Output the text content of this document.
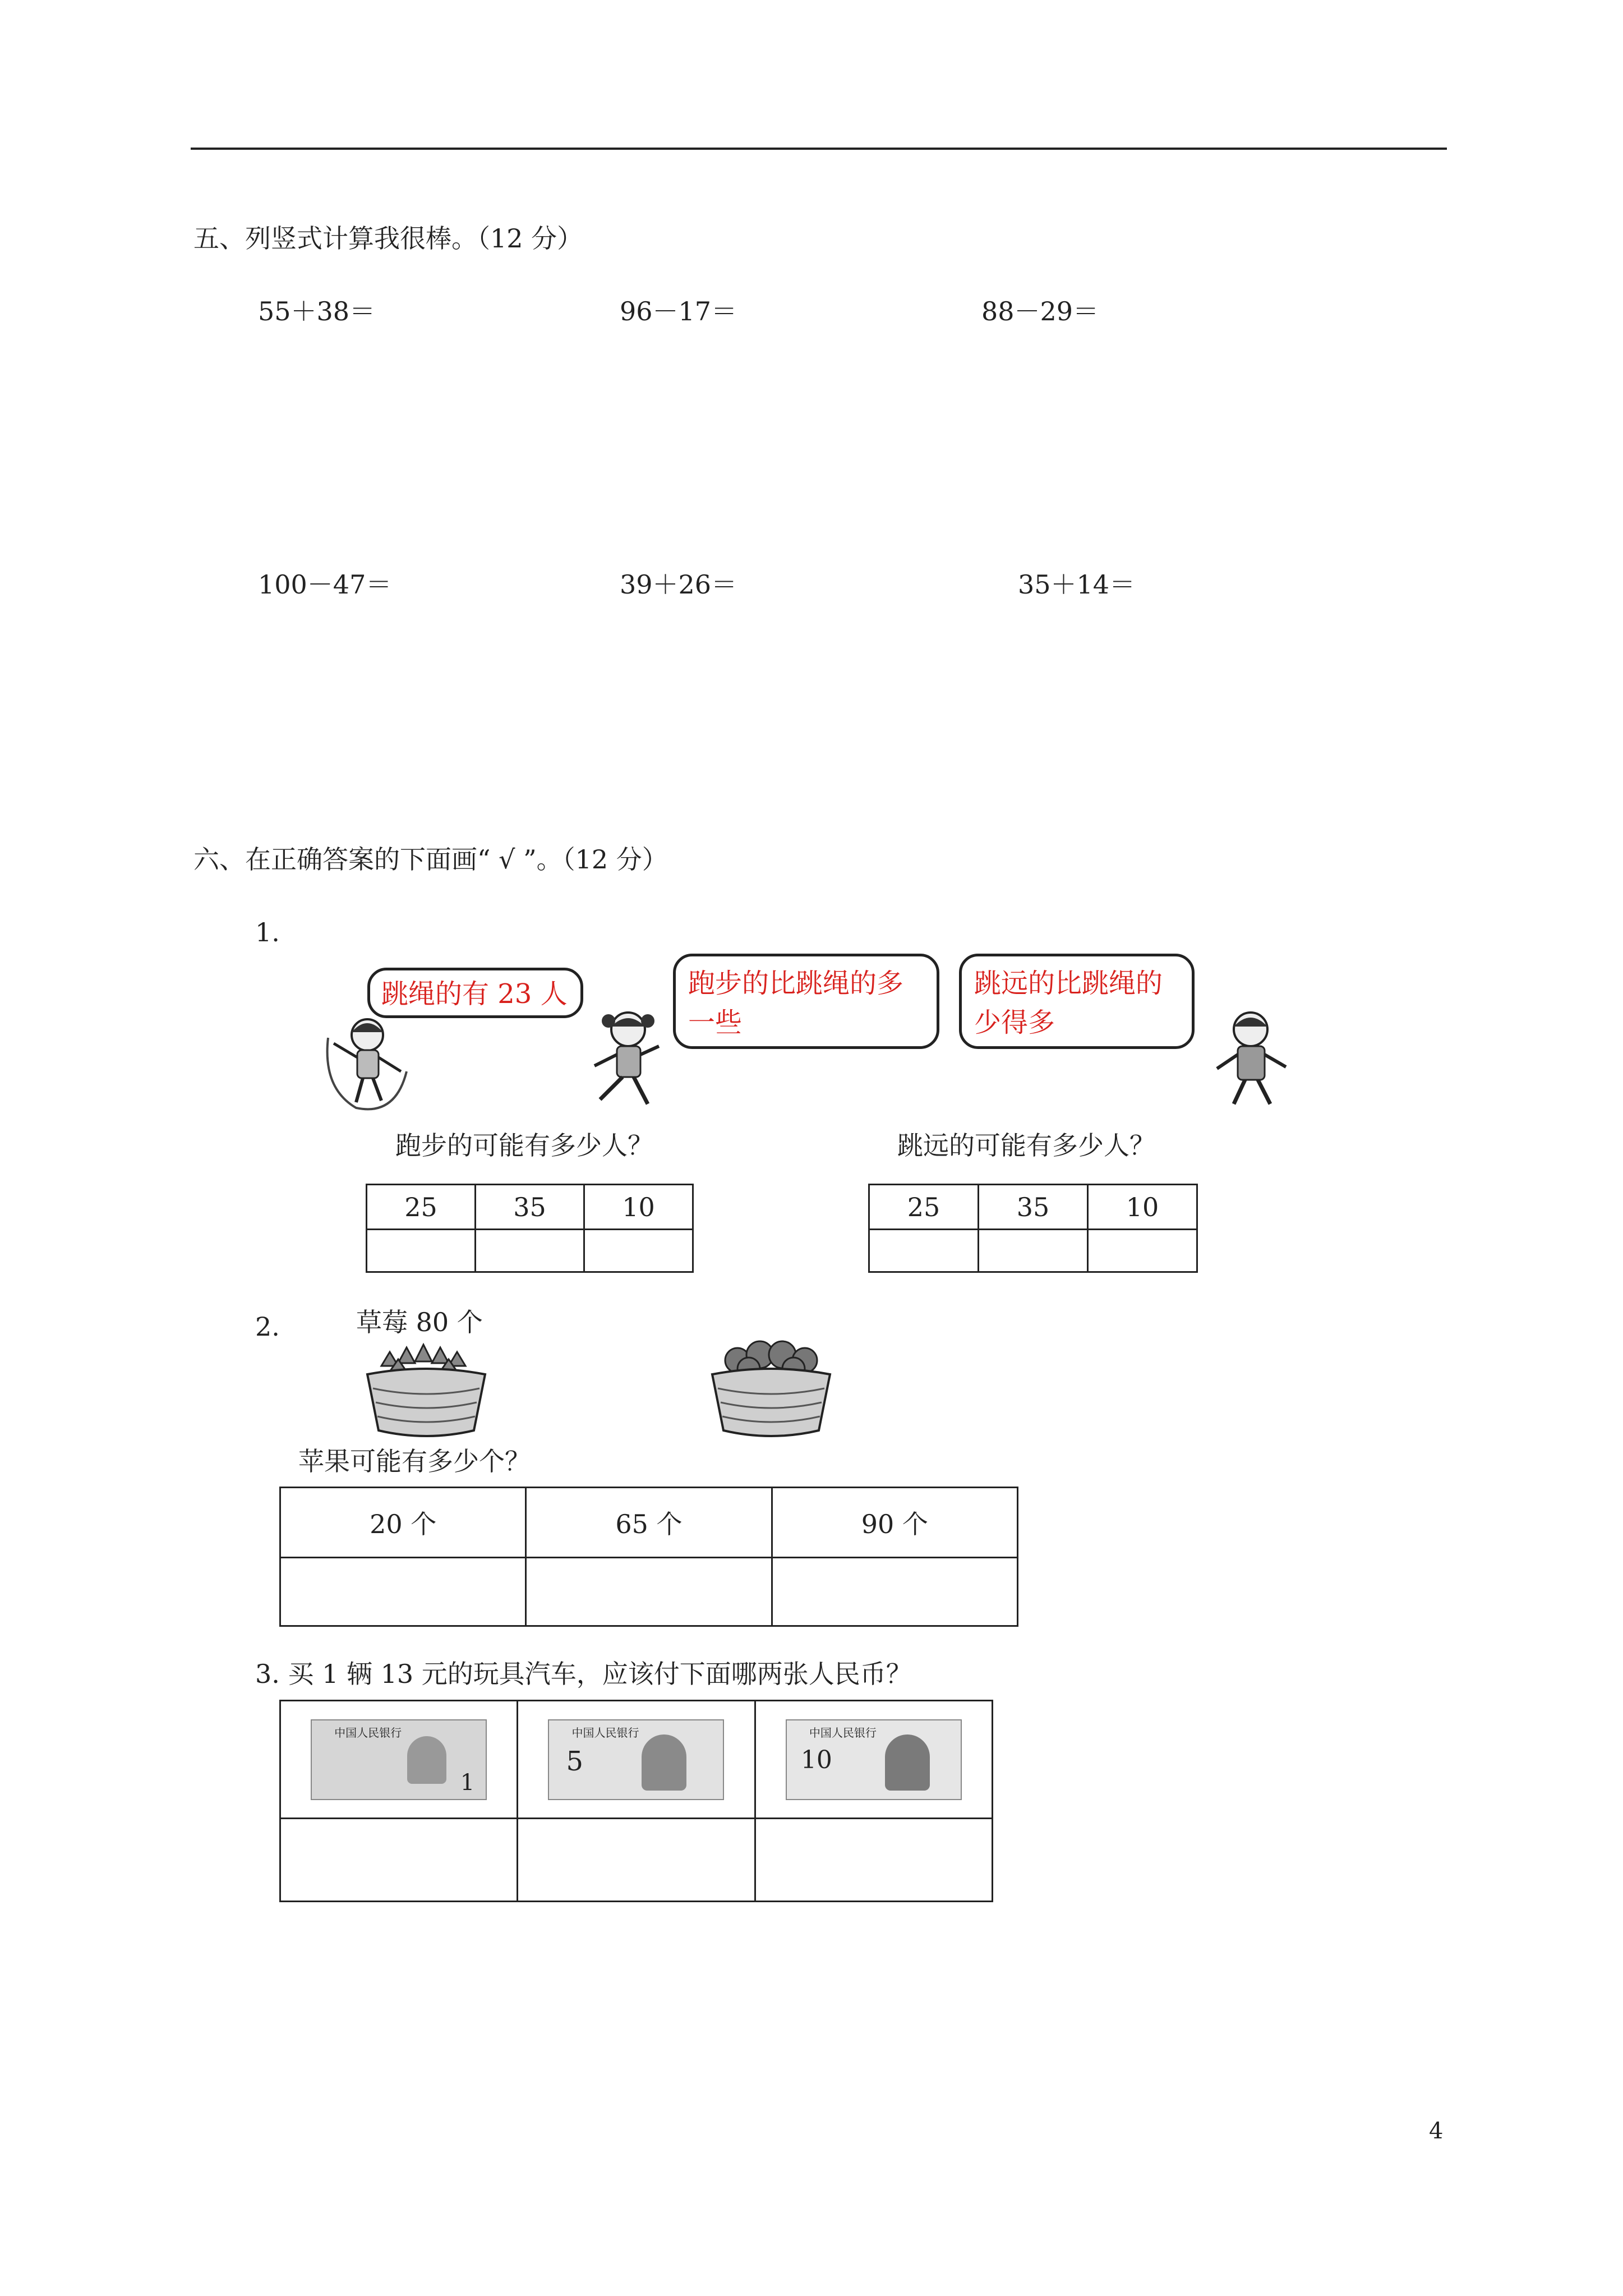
五、列竖式计算我很棒。（12 分）
55＋38＝	96－17＝	88－29＝
100－47＝	39＋26＝	35＋14＝
六、在正确答案的下面画“ √ ”。（12 分）
1.
跳绳的有 23 人	跑步的比跳绳的多
一些
跳远的比跳绳的
少得多
跑步的可能有多少人？	跳远的可能有多少人？
25	35	10
			25	35	10

2.	草莓 80 个
苹果可能有多少个？
20 个	65 个	90 个

3. 买 1 辆 13 元的玩具汽车，应该付下面哪两张人民币？
中国人民银行
1	中国人民银行
5	中国人民银行
10

4
